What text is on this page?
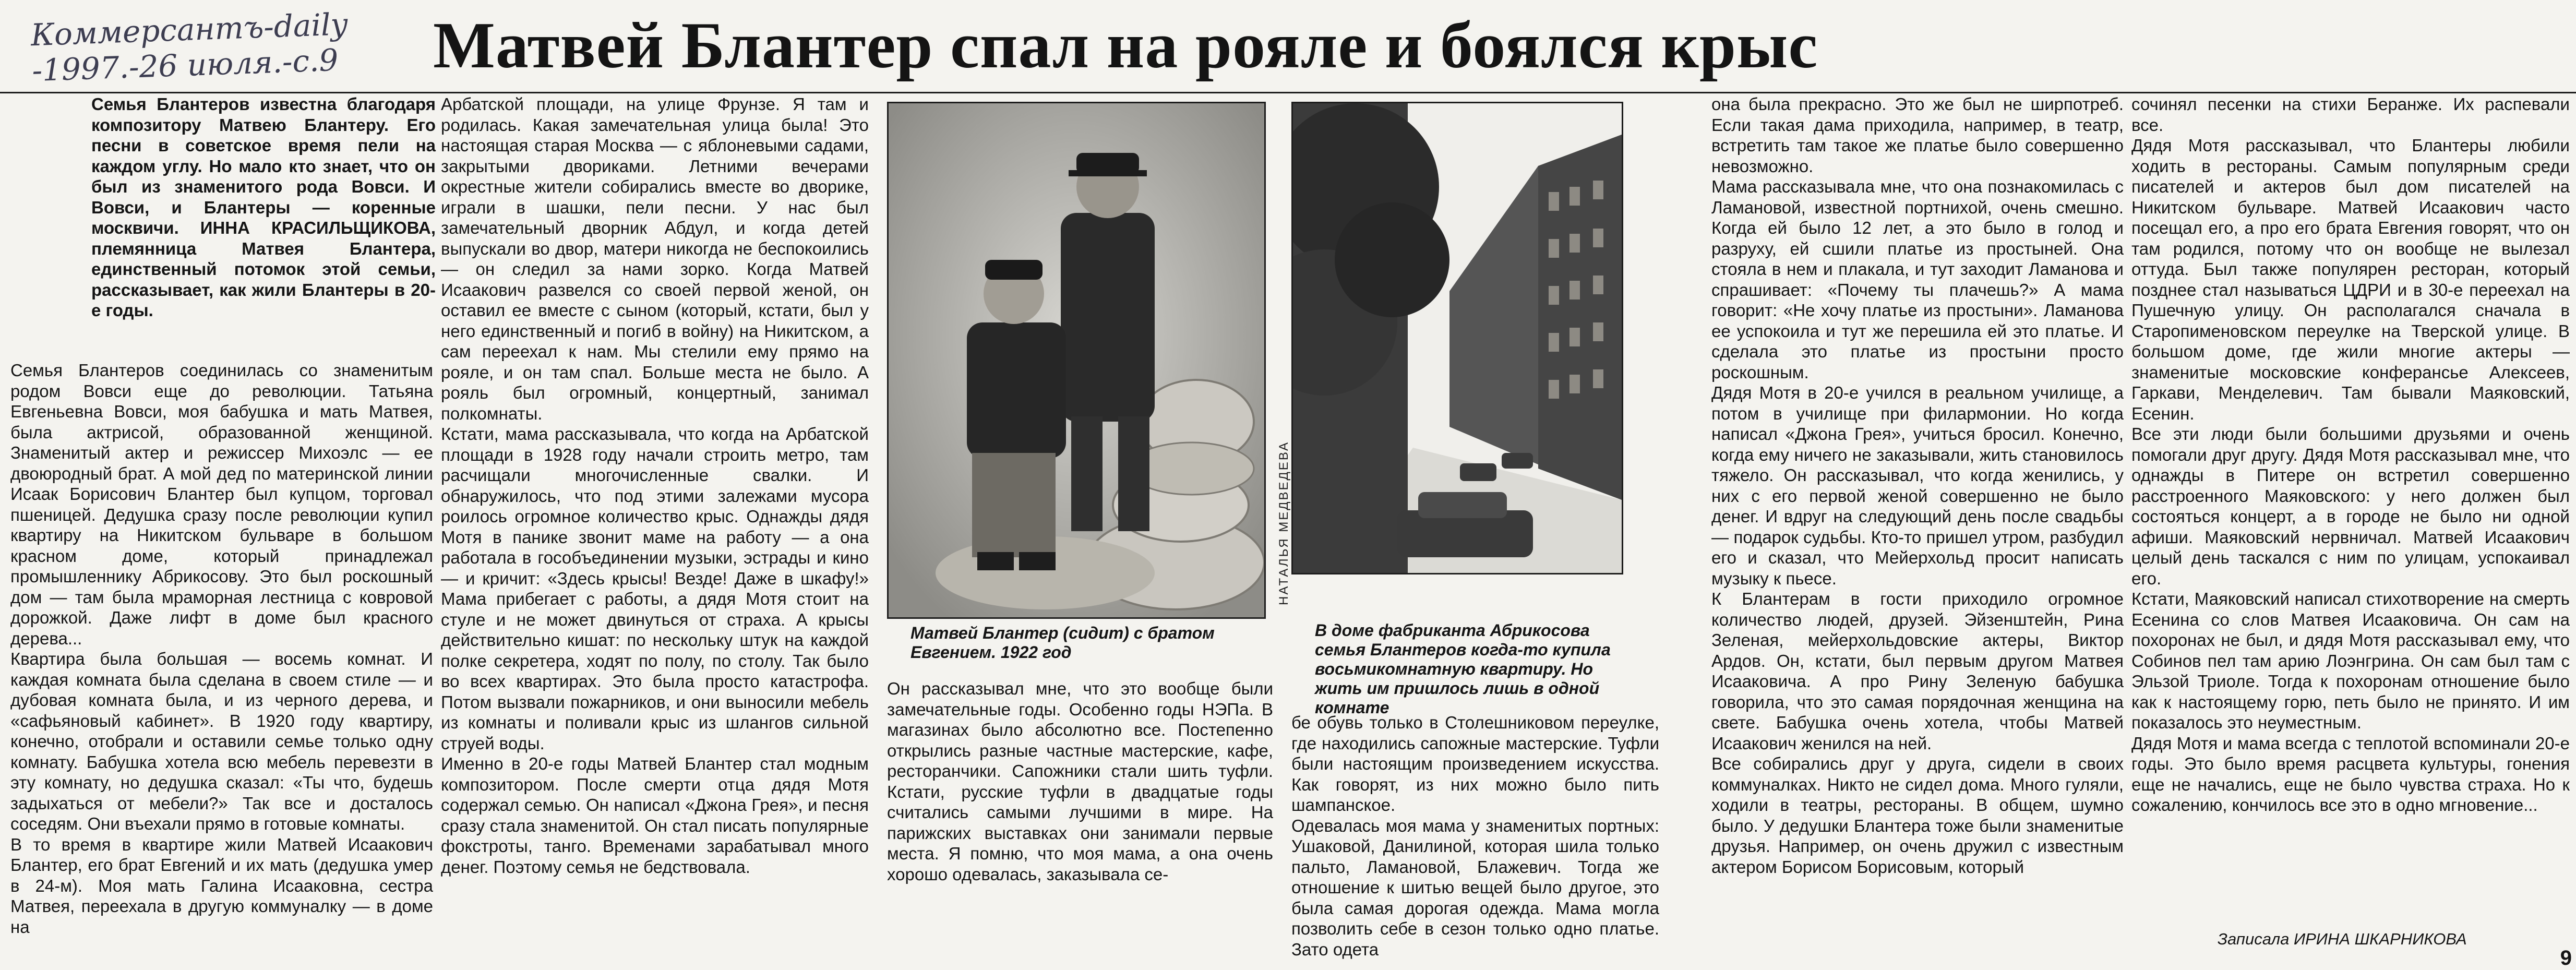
Коммерсантъ-daily -1997.-26 июля.-с.9	Матвей Блантер спал на рояле и боялся крыс

Семья Блантеров известна благодаря композитору Матвею Блантеру. Его песни в советское время пели на каждом углу. Но мало кто знает, что он был из знаменитого рода Вовси. И Вовси, и Блантеры — коренные москвичи. ИННА КРАСИЛЬЩИКОВА, племянница Матвея Блантера, единственный потомок этой семьи, рассказывает, как жили Блантеры в 20-е годы.

Семья Блантеров соединилась со знаменитым родом Вовси еще до революции. Татьяна Евгеньевна Вовси, моя бабушка и мать Матвея, была актрисой, образованной женщиной. Знаменитый актер и режиссер Михоэлс — ее двоюродный брат. А мой дед по материнской линии Исаак Борисович Блантер был купцом, торговал пшеницей. Дедушка сразу после революции купил квартиру на Никитском бульваре в большом красном доме, который принадлежал промышленнику Абрикосову. Это был роскошный дом — там была мраморная лестница с ковровой дорожкой. Даже лифт в доме был красного дерева...
Квартира была большая — восемь комнат. И каждая комната была сделана в своем стиле — и дубовая комната была, и из черного дерева, и «сафьяновый кабинет». В 1920 году квартиру, конечно, отобрали и оставили семье только одну комнату. Бабушка хотела всю мебель перевезти в эту комнату, но дедушка сказал: «Ты что, будешь задыхаться от мебели?» Так все и досталось соседям. Они въехали прямо в готовые комнаты.
В то время в квартире жили Матвей Исаакович Блантер, его брат Евгений и их мать (дедушка умер в 24-м). Моя мать Галина Исааковна, сестра Матвея, переехала в другую коммуналку — в доме на

Арбатской площади, на улице Фрунзе. Я там и родилась. Какая замечательная улица была! Это настоящая старая Москва — с яблоневыми садами, закрытыми двориками. Летними вечерами окрестные жители собирались вместе во дворике, играли в шашки, пели песни. У нас был замечательный дворник Абдул, и когда детей выпускали во двор, матери никогда не беспокоились — он следил за нами зорко. Когда Матвей Исаакович развелся со своей первой женой, он оставил ее вместе с сыном (который, кстати, был у него единственный и погиб в войну) на Никитском, а сам переехал к нам. Мы стелили ему прямо на рояле, и он там спал. Больше места не было. А рояль был огромный, концертный, занимал полкомнаты.
Кстати, мама рассказывала, что когда на Арбатской площади в 1928 году начали строить метро, там расчищали многочисленные свалки. И обнаружилось, что под этими залежами мусора роилось огромное количество крыс. Однажды дядя Мотя в панике звонит маме на работу — а она работала в гособъединении музыки, эстрады и кино — и кричит: «Здесь крысы! Везде! Даже в шкафу!» Мама прибегает с работы, а дядя Мотя стоит на стуле и не может двинуться от страха. А крысы действительно кишат: по нескольку штук на каждой полке секретера, ходят по полу, по столу. Так было во всех квартирах. Это была просто катастрофа. Потом вызвали пожарников, и они выносили мебель из комнаты и поливали крыс из шлангов сильной струей воды.
Именно в 20-е годы Матвей Блантер стал модным композитором. После смерти отца дядя Мотя содержал семью. Он написал «Джона Грея», и песня сразу стала знаменитой. Он стал писать популярные фокстроты, танго. Временами зарабатывал много денег. Поэтому семья не бедствовала.

Матвей Блантер (сидит) с братом Евгением. 1922 год

Он рассказывал мне, что это вообще были замечательные годы. Особенно годы НЭПа. В магазинах было абсолютно все. Постепенно открылись разные частные мастерские, кафе, ресторанчики. Сапожники стали шить туфли. Кстати, русские туфли в двадцатые годы считались самыми лучшими в мире. На парижских выставках они занимали первые места. Я помню, что моя мама, а она очень хорошо одевалась, заказывала се-

НАТАЛЬЯ МЕДВЕДЕВА

В доме фабриканта Абрикосова семья Блантеров когда-то купила восьмикомнатную квартиру. Но жить им пришлось лишь в одной комнате

бе обувь только в Столешниковом переулке, где находились сапожные мастерские. Туфли были настоящим произведением искусства. Как говорят, из них можно было пить шампанское.
Одевалась моя мама у знаменитых портных: Ушаковой, Данилиной, которая шила только пальто, Ламановой, Блажевич. Тогда же отношение к шитью вещей было другое, это была самая дорогая одежда. Мама могла позволить себе в сезон только одно платье. Зато одета

она была прекрасно. Это же был не ширпотреб. Если такая дама приходила, например, в театр, встретить там такое же платье было совершенно невозможно.
Мама рассказывала мне, что она познакомилась с Ламановой, известной портнихой, очень смешно. Когда ей было 12 лет, а это было в голод и разруху, ей сшили платье из простыней. Она стояла в нем и плакала, и тут заходит Ламанова и спрашивает: «Почему ты плачешь?» А мама говорит: «Не хочу платье из простыни». Ламанова ее успокоила и тут же перешила ей это платье. И сделала это платье из простыни просто роскошным.
Дядя Мотя в 20-е учился в реальном училище, а потом в училище при филармонии. Но когда написал «Джона Грея», учиться бросил. Конечно, когда ему ничего не заказывали, жить становилось тяжело. Он рассказывал, что когда женились, у них с его первой женой совершенно не было денег. И вдруг на следующий день после свадьбы — подарок судьбы. Кто-то пришел утром, разбудил его и сказал, что Мейерхольд просит написать музыку к пьесе.
К Блантерам в гости приходило огромное количество людей, друзей. Эйзенштейн, Рина Зеленая, мейерхольдовские актеры, Виктор Ардов. Он, кстати, был первым другом Матвея Исааковича. А про Рину Зеленую бабушка говорила, что это самая порядочная женщина на свете. Бабушка очень хотела, чтобы Матвей Исаакович женился на ней.
Все собирались друг у друга, сидели в своих коммуналках. Никто не сидел дома. Много гуляли, ходили в театры, рестораны. В общем, шумно было. У дедушки Блантера тоже были знаменитые друзья. Например, он очень дружил с известным актером Борисом Борисовым, который

сочинял песенки на стихи Беранже. Их распевали все.
Дядя Мотя рассказывал, что Блантеры любили ходить в рестораны. Самым популярным среди писателей и актеров был дом писателей на Никитском бульваре. Матвей Исаакович часто посещал его, а про его брата Евгения говорят, что он там родился, потому что он вообще не вылезал оттуда. Был также популярен ресторан, который позднее стал называться ЦДРИ и в 30-е переехал на Пушечную улицу. Он располагался сначала в Старопименовском переулке на Тверской улице. В большом доме, где жили многие актеры — знаменитые московские конферансье Алексеев, Гаркави, Менделевич. Там бывали Маяковский, Есенин.
Все эти люди были большими друзьями и очень помогали друг другу. Дядя Мотя рассказывал мне, что однажды в Питере он встретил совершенно расстроенного Маяковского: у него должен был состояться концерт, а в городе не было ни одной афиши. Маяковский нервничал. Матвей Исаакович целый день таскался с ним по улицам, успокаивал его.
Кстати, Маяковский написал стихотворение на смерть Есенина со слов Матвея Исааковича. Он сам на похоронах не был, и дядя Мотя рассказывал ему, что Собинов пел там арию Лоэнгрина. Он сам был там с Эльзой Триоле. Тогда к похоронам отношение было как к настоящему горю, петь было не принято. И им показалось это неуместным.
Дядя Мотя и мама всегда с теплотой вспоминали 20-е годы. Это было время расцвета культуры, гонения еще не начались, еще не было чувства страха. Но к сожалению, кончилось все это в одно мгновение...

Записала ИРИНА ШКАРНИКОВА
9
